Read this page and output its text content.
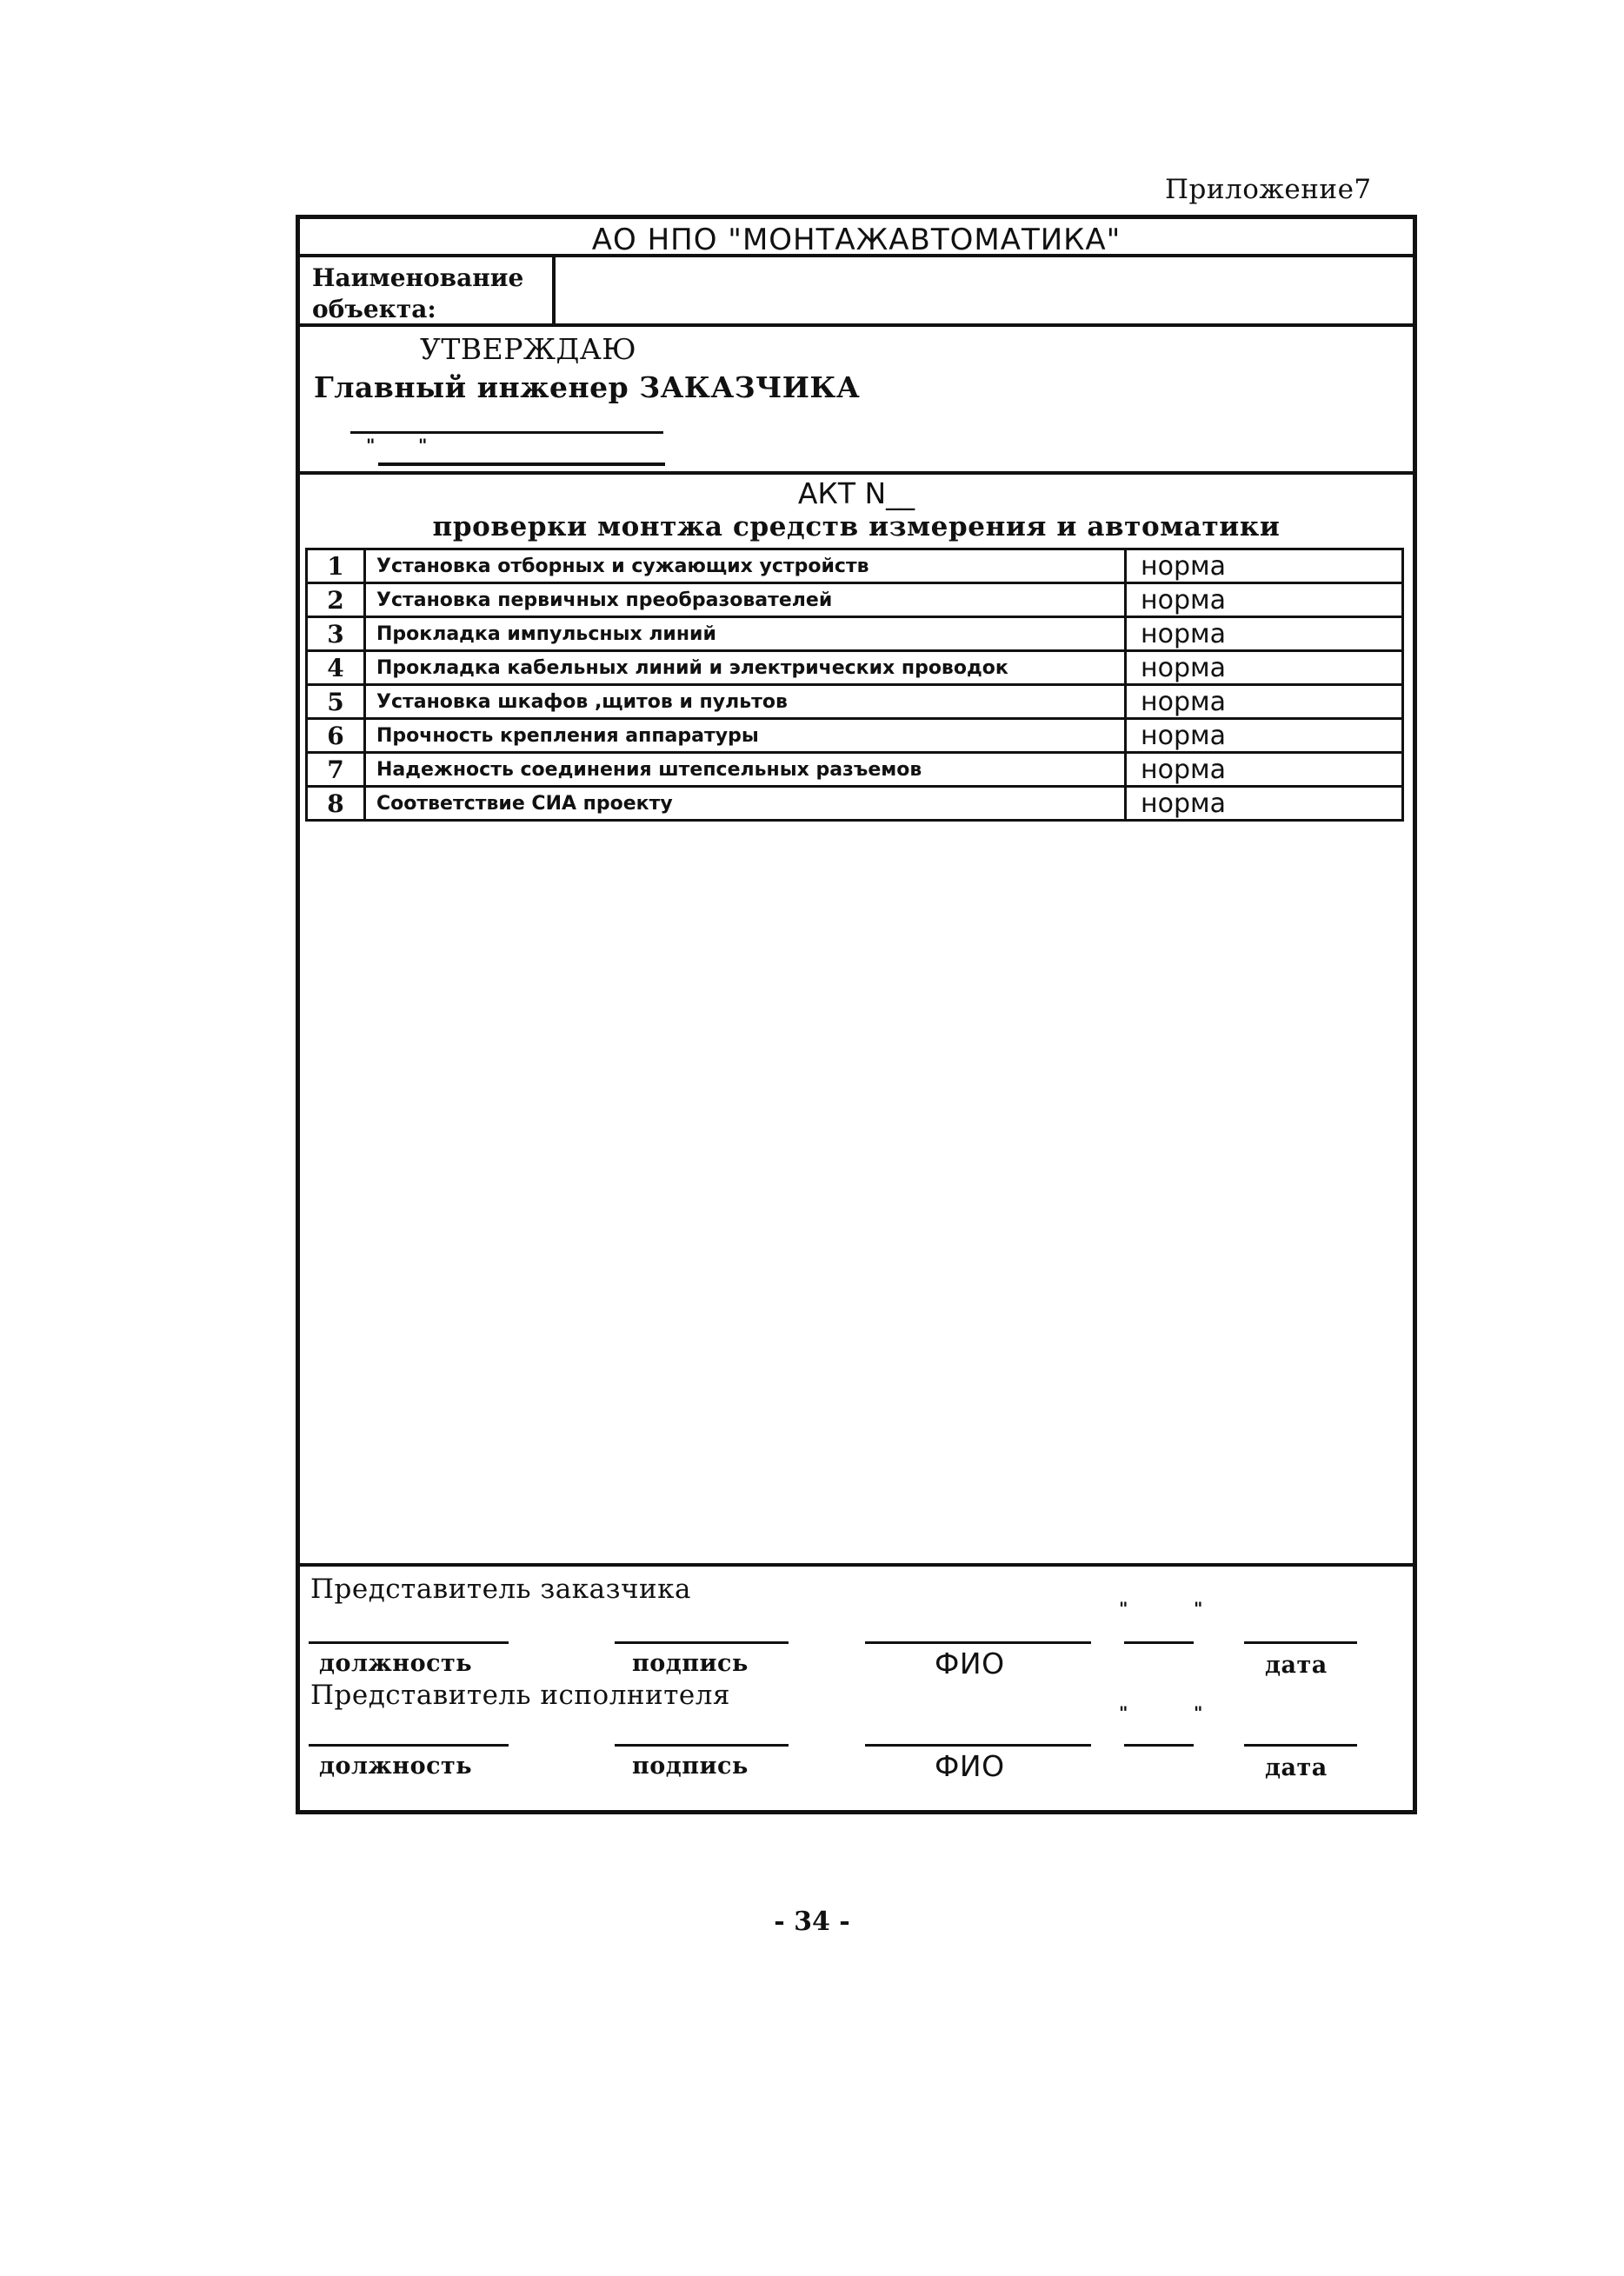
Приложение7
АО НПО "МОНТАЖАВТОМАТИКА"
Наименование объекта:
УТВЕРЖДАЮ
Главный инженер ЗАКАЗЧИКА
" "
АКТ N__
проверки монтжа средств измерения и автоматики
1	Установка отборных и сужающих устройств	норма
2	Установка первичных преобразователей	норма
3	Прокладка импульсных линий	норма
4	Прокладка кабельных линий и электрических проводок	норма
5	Установка шкафов ,щитов и пультов	норма
6	Прочность крепления аппаратуры	норма
7	Надежность соединения штепсельных разъемов	норма
8	Соответствие СИА проекту	норма
Представитель заказчика
"	"
должность	подпись	ФИО	дата
Представитель исполнителя
"	"
должность	подпись	ФИО	дата
- 34 -
